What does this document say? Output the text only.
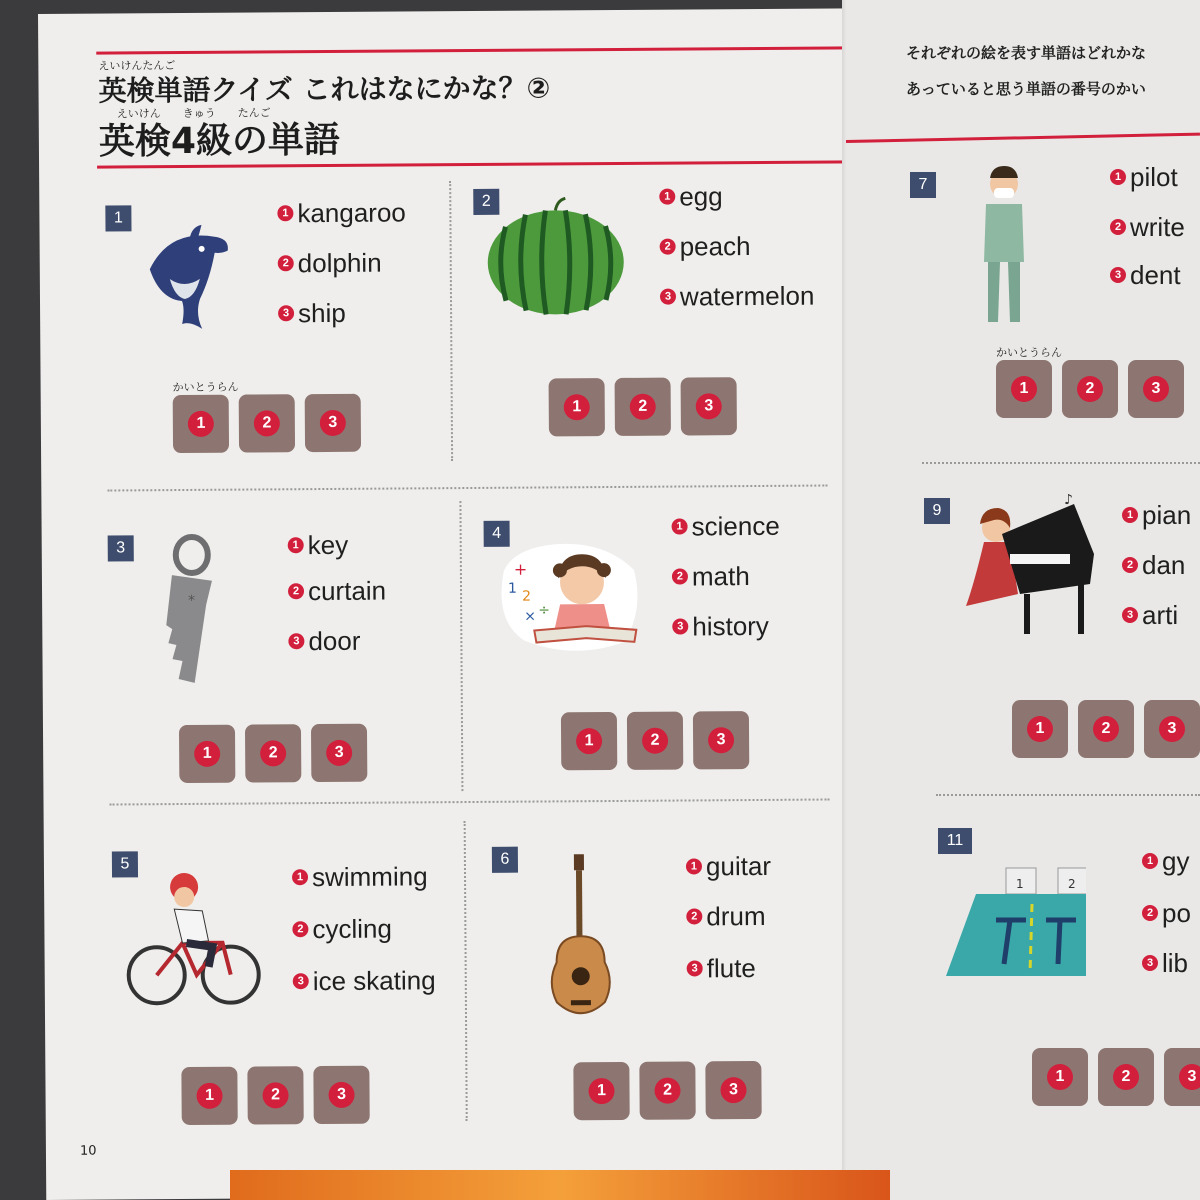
えいけんたんご
英検単語クイズ これはなにかな？②
えいけん　　きゅう　　たんご
英検4級の単語
1	1 kangaroo
2 dolphin
3 ship
かいとうらん
1	2	3
2	1 egg
2 peach
3 watermelon
1	2	3
3
*
1 key
2 curtain
3 door
1	2	3
4
+
1 2
× ÷
1 science
2 math
3 history
1	2	3
5
1 swimming
2 cycling
3 ice skating
1	2	3
6	1 guitar
2 drum
3 flute
1	2	3
10
それぞれの絵を表す単語はどれかな
あっていると思う単語の番号のかい
7	1 pilot
2 write
3 dent
かいとうらん
1	2	3
9
♪
1 pian
2 dan
3 arti
1	2	3
11
1	2
1 gy
2 po
3 lib
1	2	3
